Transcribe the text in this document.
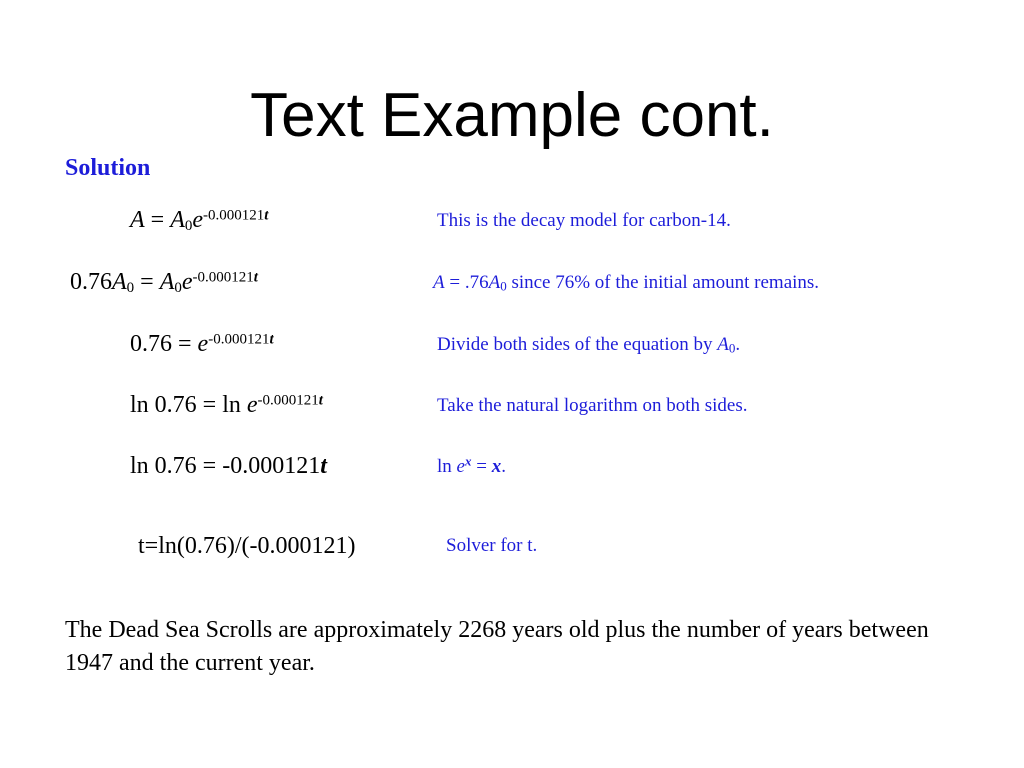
Text Example cont.
Solution
$A = A_0e^{-0.000121t}$	This is the decay model for carbon-14.
$0.76A_0 = A_0e^{-0.000121t}$	$A = .76A_0$ since 76% of the initial amount remains.
$0.76 = e^{-0.000121t}$	Divide both sides of the equation by $A_0$.
$\ln 0.76 = \ln e^{-0.000121t}$	Take the natural logarithm on both sides.
ln 0.76 = -0.000121t	$\ln e^x = x$.
t=ln(0.76)/(-0.000121)	Solver for t.
The Dead Sea Scrolls are approximately 2268 years old plus the number of years between 1947 and the current year.
